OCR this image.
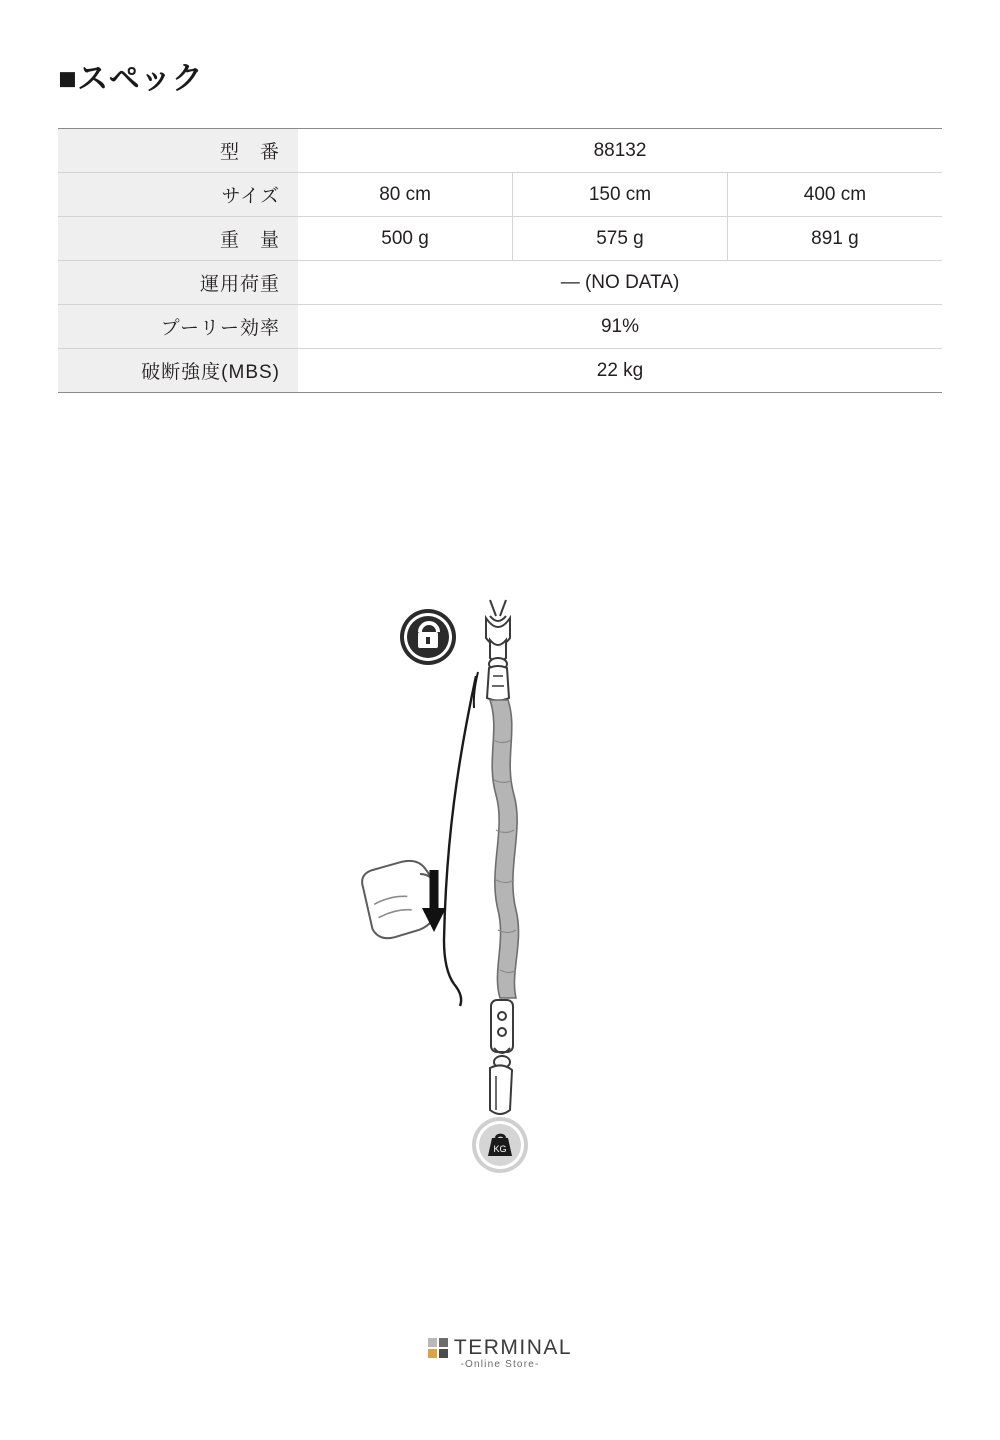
■スペック
型　番	88132		
サイズ	80 cm	150 cm	400 cm
重　量	500 g	575 g	891 g
運用荷重	― (NO DATA)		
プーリー効率	91%		
破断強度(MBS)	22 kg		
KG
TERMINAL
-Online Store-
